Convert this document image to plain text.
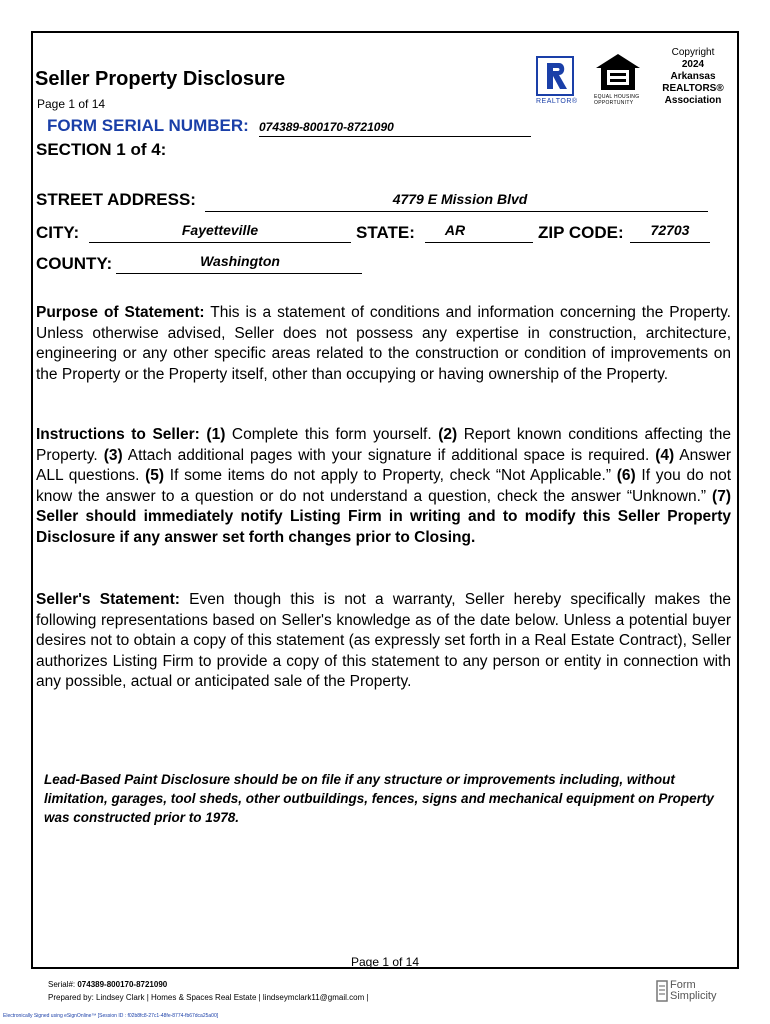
Seller Property Disclosure
Page 1 of 14	REALTOR®
EQUAL HOUSING OPPORTUNITY
Copyright
2024
Arkansas
REALTORS®
Association
FORM SERIAL NUMBER: 074389-800170-8721090
SECTION 1 of 4:
STREET ADDRESS:	4779 E Mission Blvd
CITY:	Fayetteville	STATE:	AR	ZIP CODE:	72703
COUNTY:	Washington

Purpose of Statement: This is a statement of conditions and information concerning the Property. Unless otherwise advised, Seller does not possess any expertise in construction, architecture, engineering or any other specific areas related to the construction or condition of improvements on the Property or the Property itself, other than occupying or having ownership of the Property.

Instructions to Seller: (1) Complete this form yourself. (2) Report known conditions affecting the Property. (3) Attach additional pages with your signature if additional space is required. (4) Answer ALL questions. (5) If some items do not apply to Property, check “Not Applicable.” (6) If you do not know the answer to a question or do not understand a question, check the answer “Unknown.” (7) Seller should immediately notify Listing Firm in writing and to modify this Seller Property Disclosure if any answer set forth changes prior to Closing.

Seller's Statement: Even though this is not a warranty, Seller hereby specifically makes the following representations based on Seller's knowledge as of the date below. Unless a potential buyer desires not to obtain a copy of this statement (as expressly set forth in a Real Estate Contract), Seller authorizes Listing Firm to provide a copy of this statement to any person or entity in connection with any possible, actual or anticipated sale of the Property.

Lead-Based Paint Disclosure should be on file if any structure or improvements including, without limitation, garages, tool sheds, other outbuildings, fences, signs and mechanical equipment on Property was constructed prior to 1978.

Page 1 of 14
Serial#: 074389-800170-8721090
Prepared by: Lindsey Clark | Homes & Spaces Real Estate | lindseymclark11@gmail.com |
Electronically Signed using eSignOnline™ [Session ID : f02b8fc8-27c1-48fe-8774-fb67dca25a00]
Form
Simplicity
